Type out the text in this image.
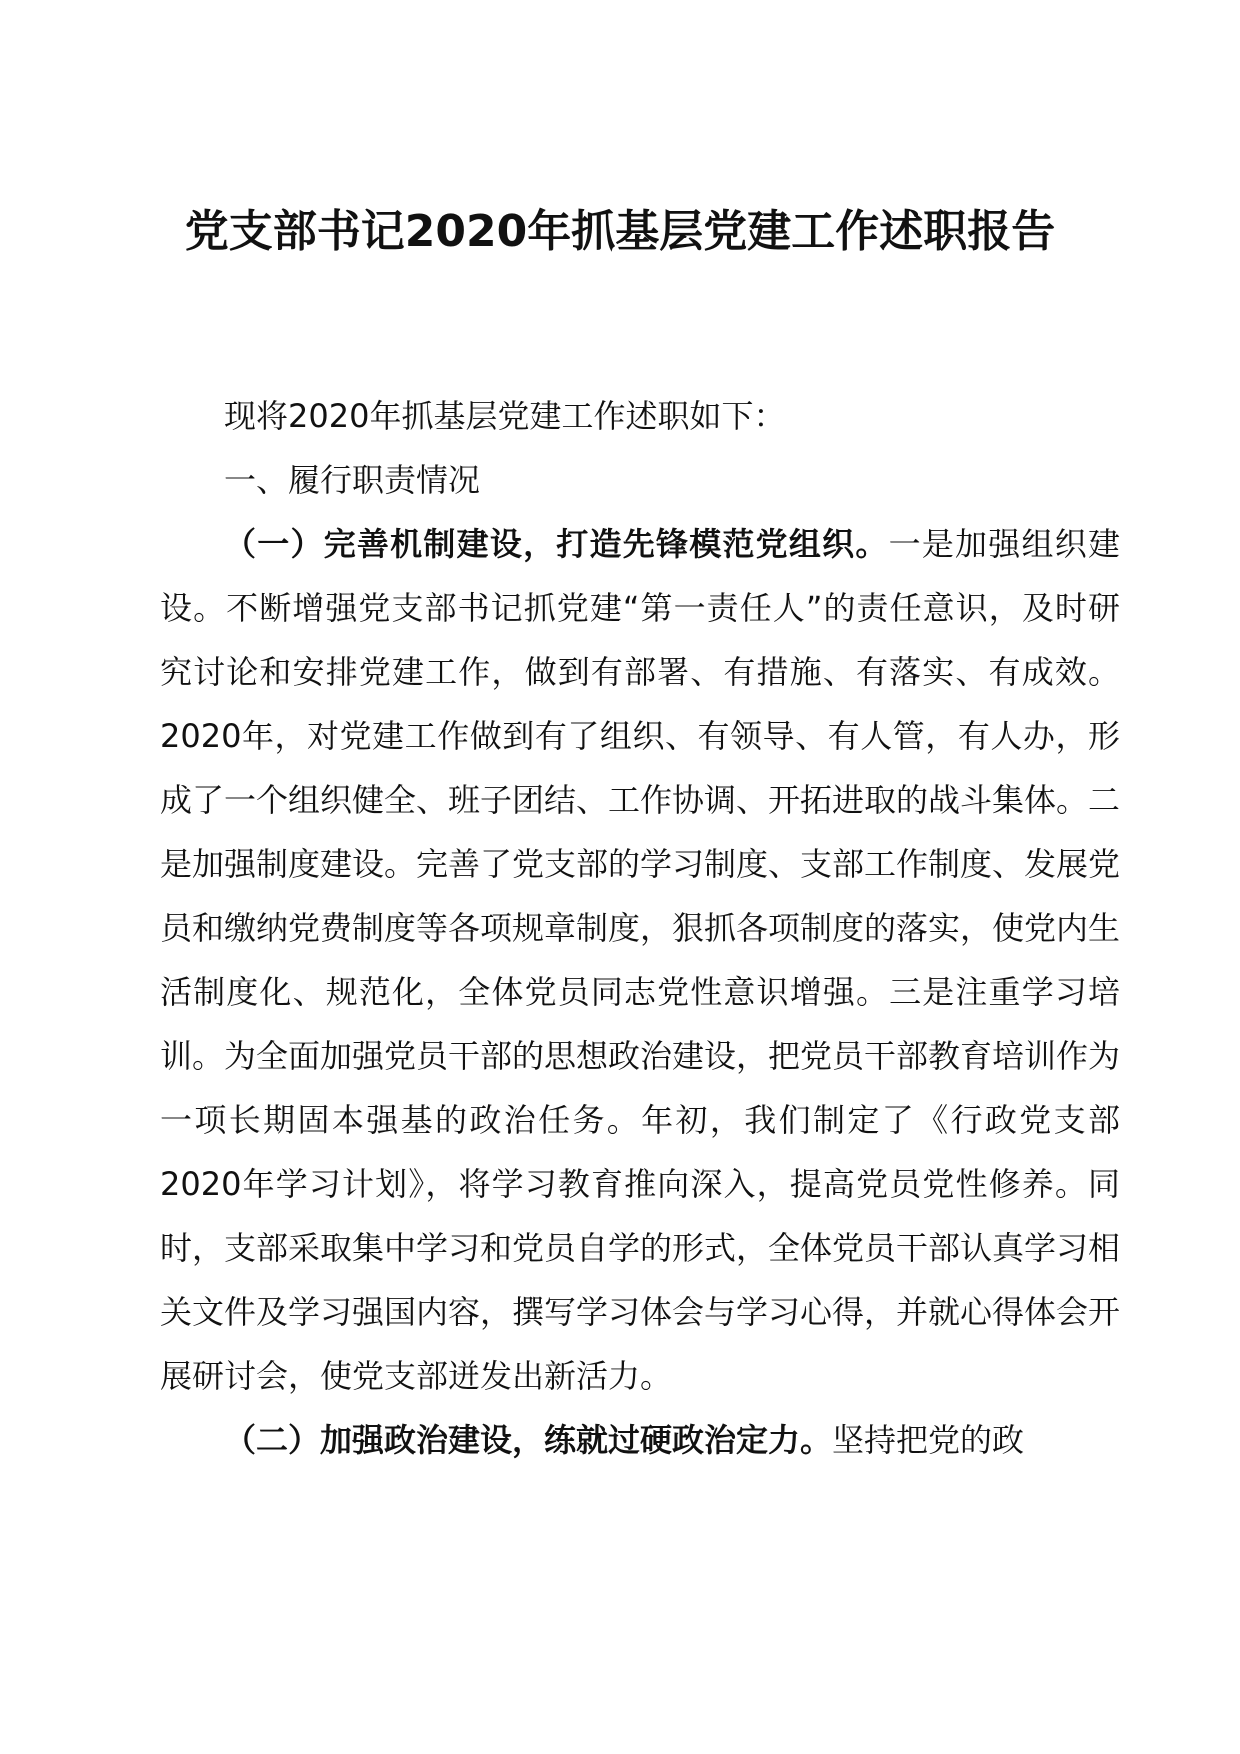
党支部书记2020年抓基层党建工作述职报告

现将2020年抓基层党建工作述职如下：

一、履行职责情况

（一）完善机制建设，打造先锋模范党组织。一是加强组织建设。不断增强党支部书记抓党建“第一责任人”的责任意识，及时研究讨论和安排党建工作，做到有部署、有措施、有落实、有成效。2020年，对党建工作做到有了组织、有领导、有人管，有人办，形成了一个组织健全、班子团结、工作协调、开拓进取的战斗集体。二是加强制度建设。完善了党支部的学习制度、支部工作制度、发展党员和缴纳党费制度等各项规章制度，狠抓各项制度的落实，使党内生活制度化、规范化，全体党员同志党性意识增强。三是注重学习培训。为全面加强党员干部的思想政治建设，把党员干部教育培训作为一项长期固本强基的政治任务。年初，我们制定了《行政党支部2020年学习计划》，将学习教育推向深入，提高党员党性修养。同时，支部采取集中学习和党员自学的形式，全体党员干部认真学习相关文件及学习强国内容，撰写学习体会与学习心得，并就心得体会开展研讨会，使党支部迸发出新活力。

（二）加强政治建设，练就过硬政治定力。坚持把党的政
